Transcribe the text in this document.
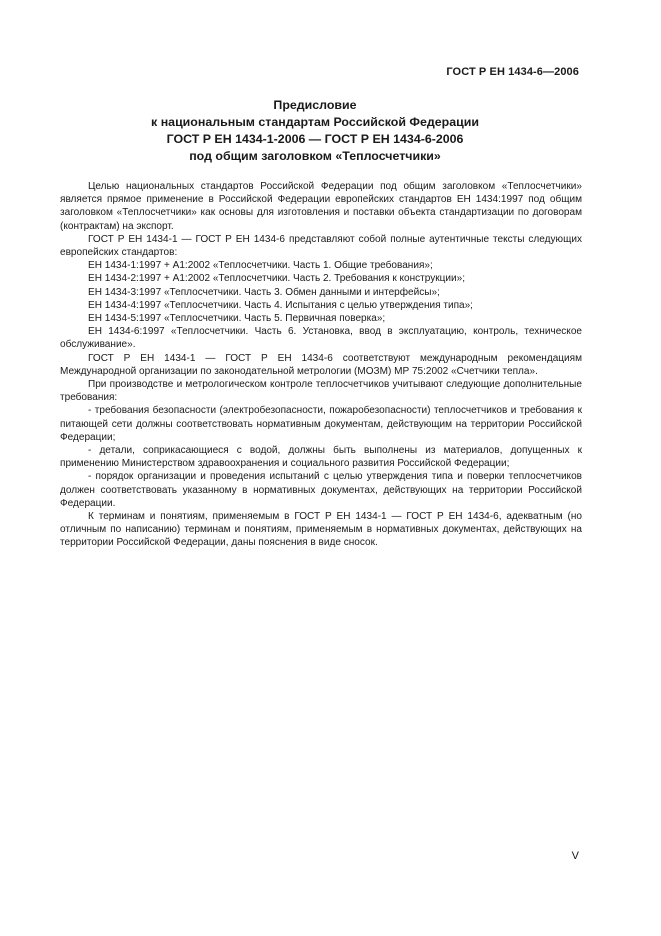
ГОСТ Р ЕН 1434-6—2006
Предисловие
к национальным стандартам Российской Федерации
ГОСТ Р ЕН 1434-1-2006 — ГОСТ Р ЕН 1434-6-2006
под общим заголовком «Теплосчетчики»

Целью национальных стандартов Российской Федерации под общим заголовком «Теплосчетчики» является прямое применение в Российской Федерации европейских стандартов ЕН 1434:1997 под общим заголовком «Теплосчетчики» как основы для изготовления и поставки объекта стандартизации по договорам (контрактам) на экспорт.

ГОСТ Р ЕН 1434-1 — ГОСТ Р ЕН 1434-6 представляют собой полные аутентичные тексты следующих европейских стандартов:

ЕН 1434-1:1997 + А1:2002 «Теплосчетчики. Часть 1. Общие требования»;

ЕН 1434-2:1997 + А1:2002 «Теплосчетчики. Часть 2. Требования к конструкции»;

ЕН 1434-3:1997 «Теплосчетчики. Часть 3. Обмен данными и интерфейсы»;

ЕН 1434-4:1997 «Теплосчетчики. Часть 4. Испытания с целью утверждения типа»;

ЕН 1434-5:1997 «Теплосчетчики. Часть 5. Первичная поверка»;

ЕН 1434-6:1997 «Теплосчетчики. Часть 6. Установка, ввод в эксплуатацию, контроль, техническое обслуживание».

ГОСТ Р ЕН 1434-1 — ГОСТ Р ЕН 1434-6 соответствуют международным рекомендациям Международной организации по законодательной метрологии (МОЗМ) МР 75:2002 «Счетчики тепла».

При производстве и метрологическом контроле теплосчетчиков учитывают следующие дополнительные требования:

- требования безопасности (электробезопасности, пожаробезопасности) теплосчетчиков и требования к питающей сети должны соответствовать нормативным документам, действующим на территории Российской Федерации;

- детали, соприкасающиеся с водой, должны быть выполнены из материалов, допущенных к применению Министерством здравоохранения и социального развития Российской Федерации;

- порядок организации и проведения испытаний с целью утверждения типа и поверки теплосчетчиков должен соответствовать указанному в нормативных документах, действующих на территории Российской Федерации.

К терминам и понятиям, применяемым в ГОСТ Р ЕН 1434-1 — ГОСТ Р ЕН 1434-6, адекватным (но отличным по написанию) терминам и понятиям, применяемым в нормативных документах, действующих на территории Российской Федерации, даны пояснения в виде сносок.

V
